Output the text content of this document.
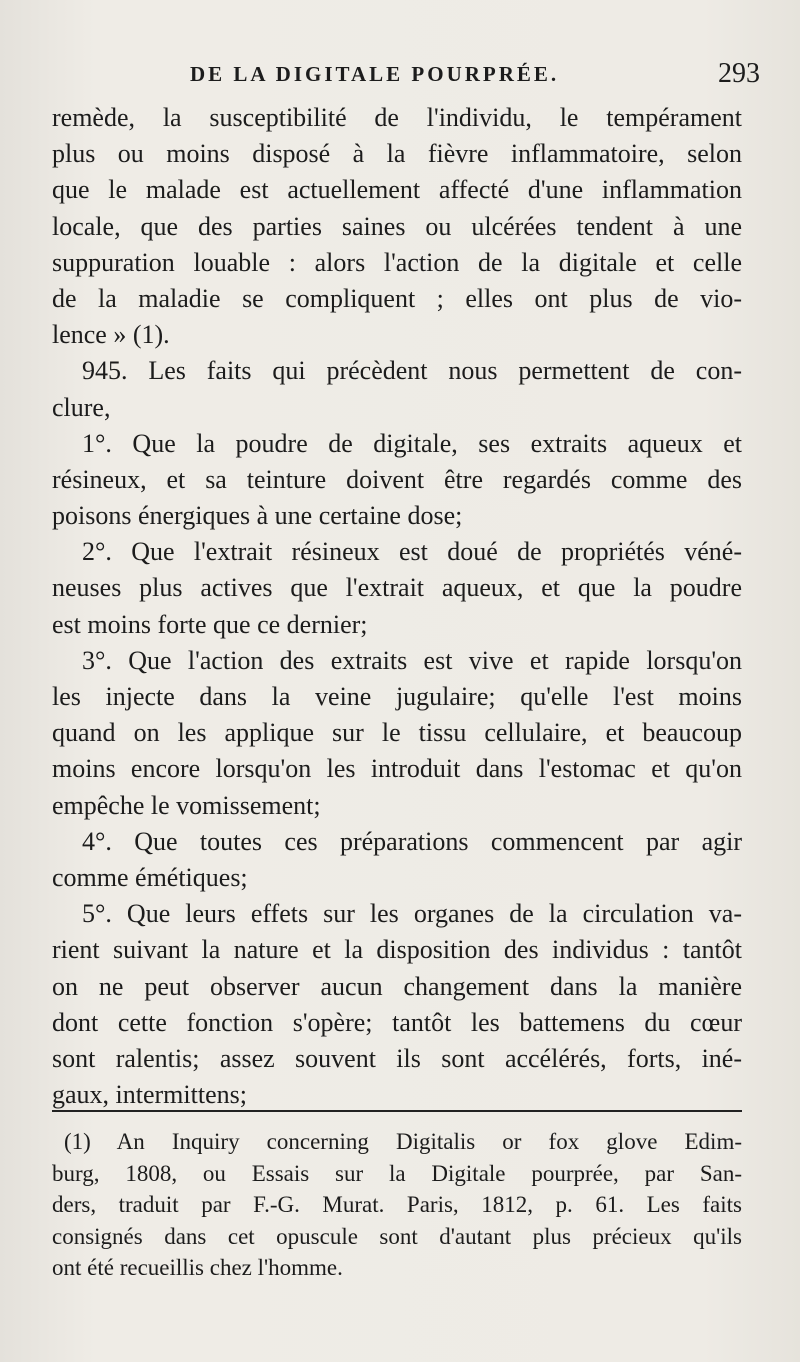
DE LA DIGITALE POURPRÉE.	293
remède, la susceptibilité de l'individu, le tempérament
plus ou moins disposé à la fièvre inflammatoire, selon
que le malade est actuellement affecté d'une inflammation
locale, que des parties saines ou ulcérées tendent à une
suppuration louable : alors l'action de la digitale et celle
de la maladie se compliquent ; elles ont plus de vio-
lence » (1).
945. Les faits qui précèdent nous permettent de con-
clure,
1°. Que la poudre de digitale, ses extraits aqueux et
résineux, et sa teinture doivent être regardés comme des
poisons énergiques à une certaine dose;
2°. Que l'extrait résineux est doué de propriétés véné-
neuses plus actives que l'extrait aqueux, et que la poudre
est moins forte que ce dernier;
3°. Que l'action des extraits est vive et rapide lorsqu'on
les injecte dans la veine jugulaire; qu'elle l'est moins
quand on les applique sur le tissu cellulaire, et beaucoup
moins encore lorsqu'on les introduit dans l'estomac et qu'on
empêche le vomissement;
4°. Que toutes ces préparations commencent par agir
comme émétiques;
5°. Que leurs effets sur les organes de la circulation va-
rient suivant la nature et la disposition des individus : tantôt
on ne peut observer aucun changement dans la manière
dont cette fonction s'opère; tantôt les battemens du cœur
sont ralentis; assez souvent ils sont accélérés, forts, iné-
gaux, intermittens;
(1) An Inquiry concerning Digitalis or fox glove Edim-
burg, 1808, ou Essais sur la Digitale pourprée, par San-
ders, traduit par F.-G. Murat. Paris, 1812, p. 61. Les faits
consignés dans cet opuscule sont d'autant plus précieux qu'ils
ont été recueillis chez l'homme.
